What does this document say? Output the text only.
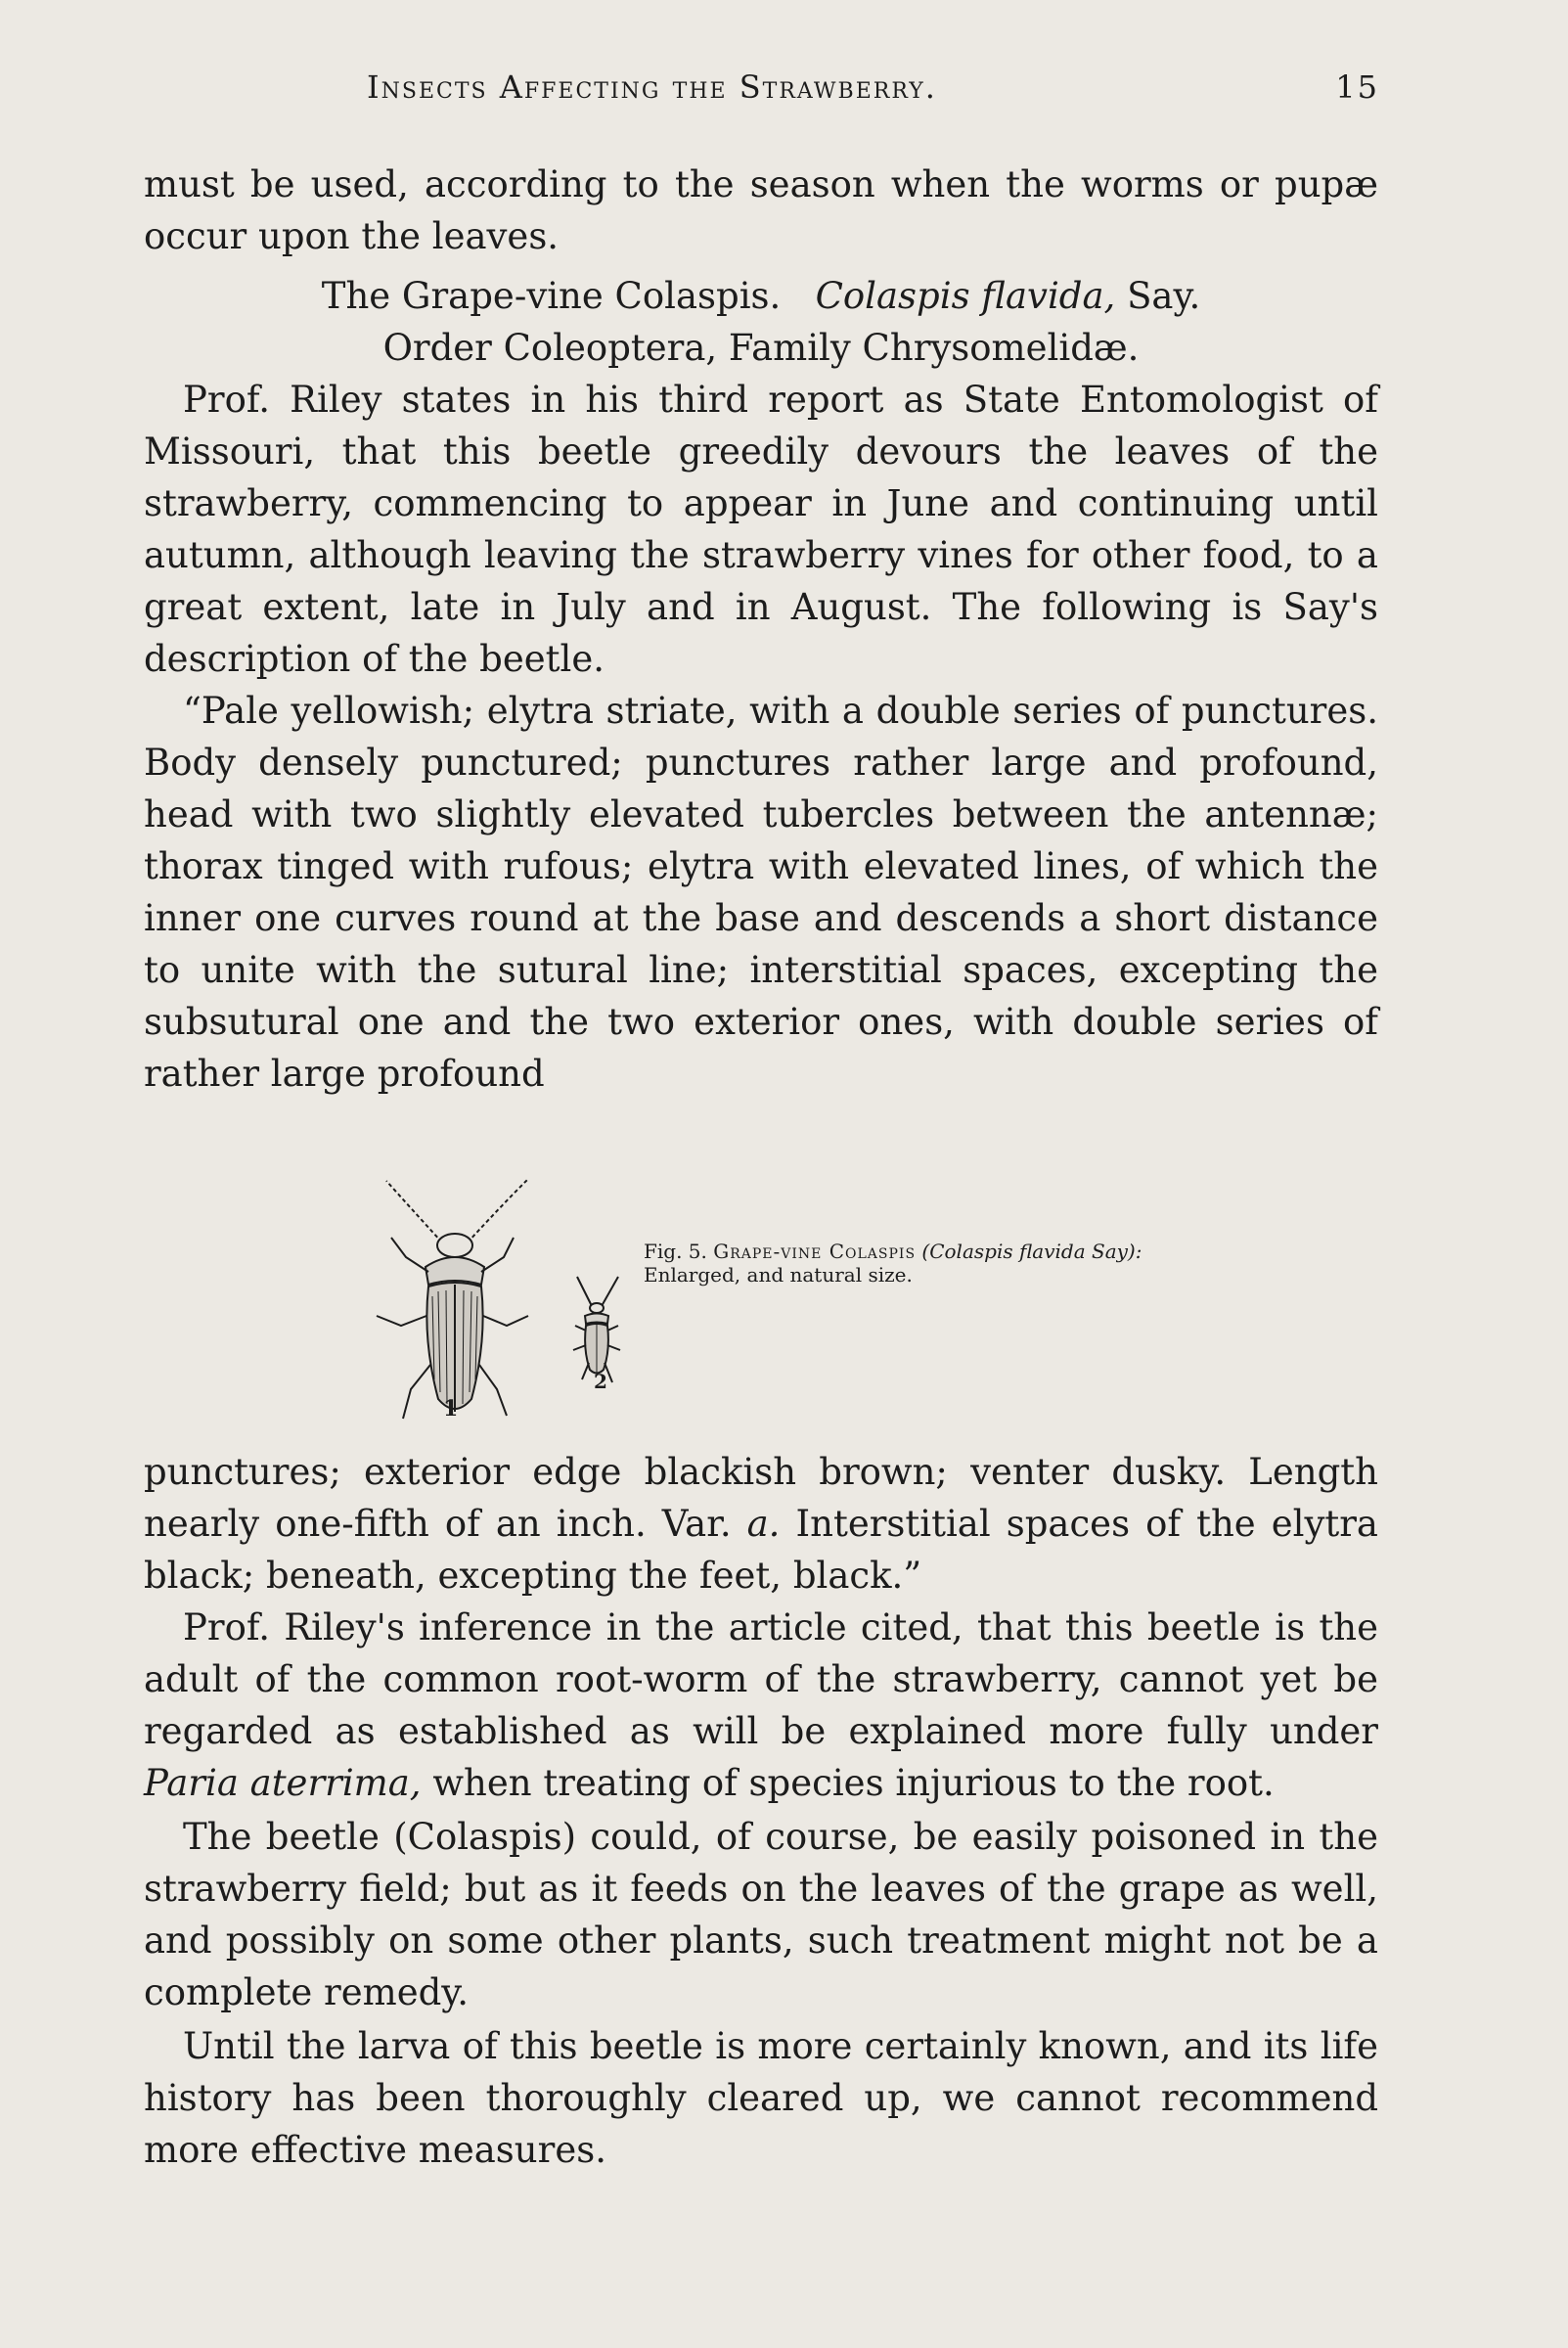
Insects Affecting the Strawberry.	15

must be used, according to the season when the worms or pupæ occur upon the leaves.

The Grape-vine Colaspis. Colaspis flavida, Say.

Order Coleoptera, Family Chrysomelidæ.

Prof. Riley states in his third report as State Entomologist of Missouri, that this beetle greedily devours the leaves of the strawberry, commencing to appear in June and continuing until autumn, although leaving the strawberry vines for other food, to a great extent, late in July and in August. The following is Say's description of the beetle.

“Pale yellowish; elytra striate, with a double series of punctures. Body densely punctured; punctures rather large and profound, head with two slightly elevated tubercles between the antennæ; thorax tinged with rufous; elytra with elevated lines, of which the inner one curves round at the base and descends a short distance to unite with the sutural line; interstitial spaces, excepting the subsutural one and the two exterior ones, with double series of rather large profound

1
2
Fig. 5. Grape-vine Colaspis (Colaspis flavida Say):
Enlarged, and natural size.

punctures; exterior edge blackish brown; venter dusky. Length nearly one-fifth of an inch. Var. a. Interstitial spaces of the elytra black; beneath, excepting the feet, black.”

Prof. Riley's inference in the article cited, that this beetle is the adult of the common root-worm of the strawberry, cannot yet be regarded as established as will be explained more fully under Paria aterrima, when treating of species injurious to the root.

The beetle (Colaspis) could, of course, be easily poisoned in the strawberry field; but as it feeds on the leaves of the grape as well, and possibly on some other plants, such treatment might not be a complete remedy.

Until the larva of this beetle is more certainly known, and its life history has been thoroughly cleared up, we cannot recommend more effective measures.
